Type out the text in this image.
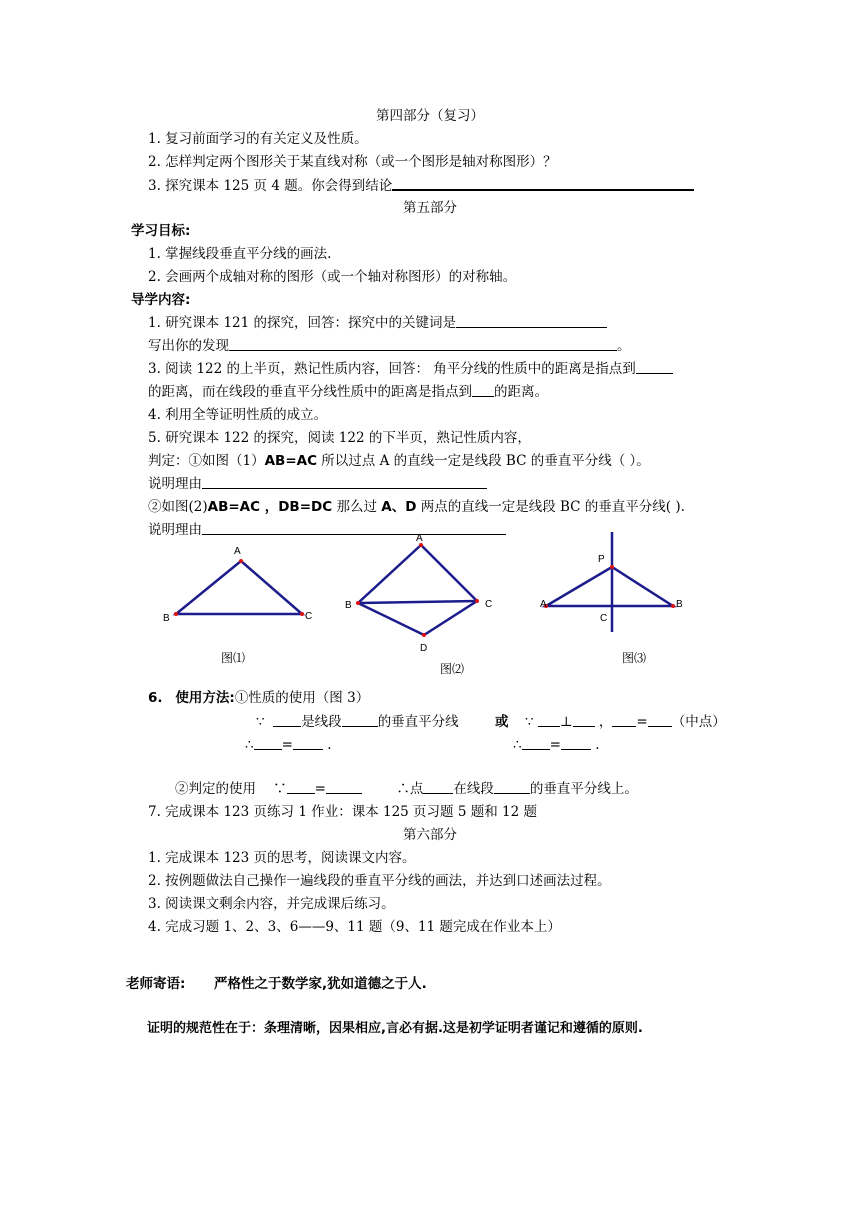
第四部分（复习）
1. 复习前面学习的有关定义及性质。
2. 怎样判定两个图形关于某直线对称（或一个图形是轴对称图形）？
3. 探究课本 125 页 4 题。你会得到结论
第五部分
学习目标:
1. 掌握线段垂直平分线的画法.
2. 会画两个成轴对称的图形（或一个轴对称图形）的对称轴。
导学内容:
1. 研究课本 121 的探究，回答：探究中的关键词是
写出你的发现	。
3. 阅读 122 的上半页，熟记性质内容，回答： 角平分线的性质中的距离是指点到
的距离，而在线段的垂直平分线性质中的距离是指点到 的距离。
4. 利用全等证明性质的成立。
5. 研究课本 122 的探究，阅读 122 的下半页，熟记性质内容，
判定：①如图（1）AB=AC 所以过点 A 的直线一定是线段 BC 的垂直平分线（ ）。
说明理由
②如图(2)AB=AC ，DB=DC 那么过 A、D 两点的直线一定是线段 BC 的垂直平分线( ).
说明理由
A
B	C
A
B	C
D
P
A	B
C
图⑴
图⑵
图⑶
6. 使用方法:①性质的使用（图 3）
∵	是线段	的垂直平分线	或 ∵ ⊥ ， = （中点）
∴ =	.	∴ =	.
②判定的使用 ∵ =	∴点 在线段	的垂直平分线上。
7. 完成课本 123 页练习 1 作业：课本 125 页习题 5 题和 12 题
第六部分
1. 完成课本 123 页的思考，阅读课文内容。
2. 按例题做法自己操作一遍线段的垂直平分线的画法，并达到口述画法过程。
3. 阅读课文剩余内容，并完成课后练习。
4. 完成习题 1、2、3、6——9、11 题（9、11 题完成在作业本上）
老师寄语: 严格性之于数学家,犹如道德之于人.
证明的规范性在于：条理清晰，因果相应,言必有据.这是初学证明者谨记和遵循的原则.
